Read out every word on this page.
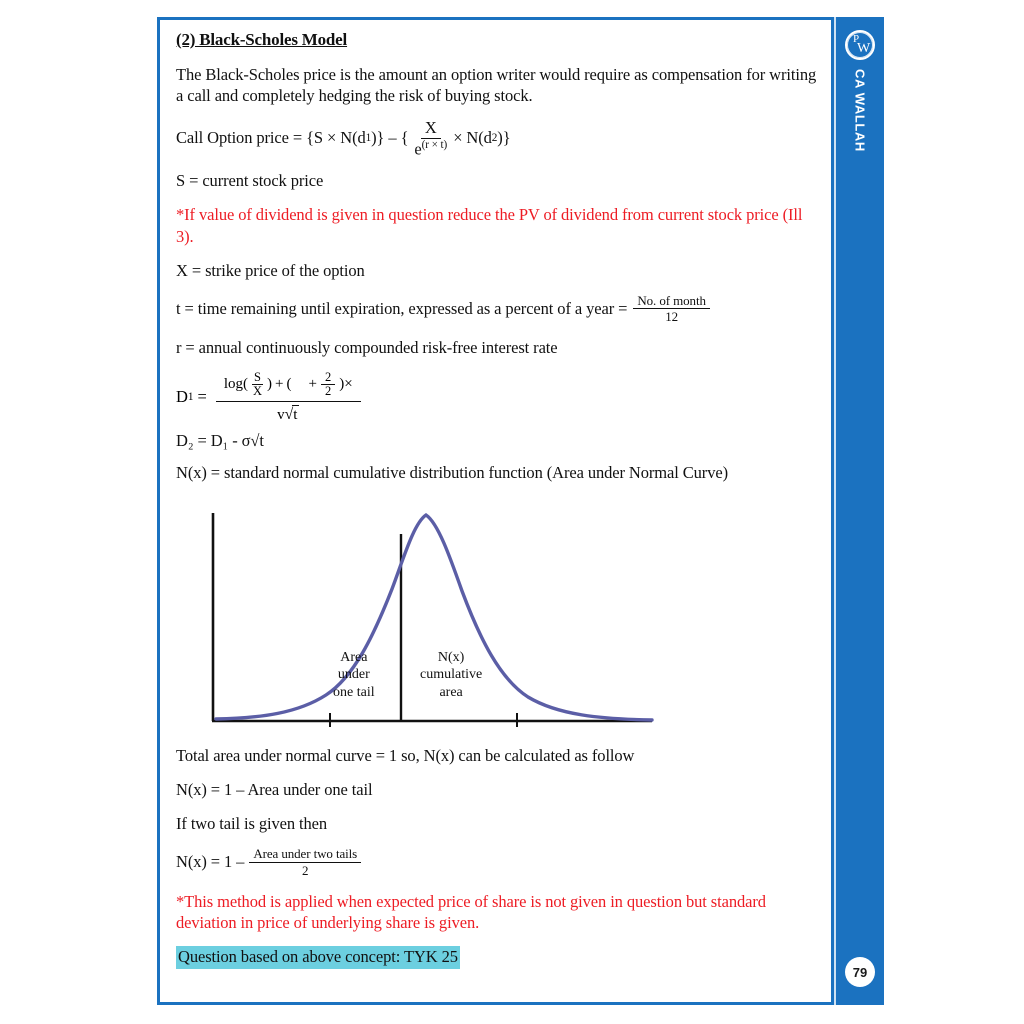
(2) Black-Scholes Model

The Black-Scholes price is the amount an option writer would require as compensation for writing a call and completely hedging the risk of buying stock.

Call Option price = {S × N(d 1 )} – { $\frac{X}{e^{(r \times t)}} \times N(d$ 2 )}

S = current stock price

*If value of dividend is given in question reduce the PV of dividend from current stock price (Ill 3).

X = strike price of the option

t = time remaining until expiration, expressed as a percent of a year = $\frac{\text{No. of month}}{12}$

r = annual continuously compounded risk-free interest rate

D 1 =
$\log( \frac{S}{X}$ ) + ( + $\frac{2}{2}$ )×
v√t

D₂ = D₁ - σ√t

N(x) = standard normal cumulative distribution function (Area under Normal Curve)

Area
under
one tail
N(x)
cumulative
area

Total area under normal curve = 1 so, N(x) can be calculated as follow

N(x) = 1 – Area under one tail

If two tail is given then

$N(x) = 1 - \frac{\text{Area under two tails}}{2}$

*This method is applied when expected price of share is not given in question but standard deviation in price of underlying share is given.

Question based on above concept: TYK 25
P
W
CA WALLAH
79
